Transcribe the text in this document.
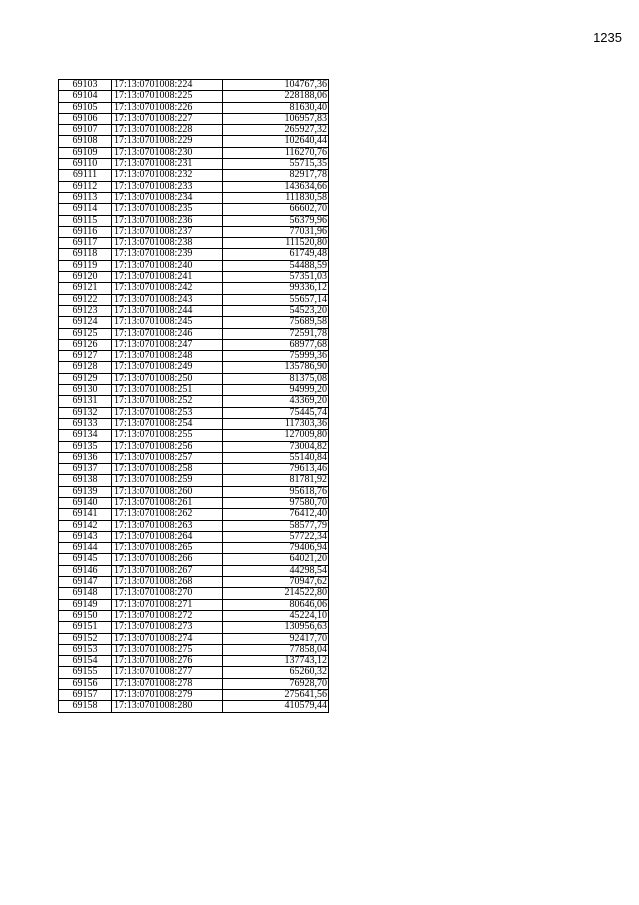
1235
69103	17:13:0701008:224	104767,36
69104	17:13:0701008:225	228188,06
69105	17:13:0701008:226	81630,40
69106	17:13:0701008:227	106957,83
69107	17:13:0701008:228	265927,32
69108	17:13:0701008:229	102640,44
69109	17:13:0701008:230	116270,76
69110	17:13:0701008:231	55715,35
69111	17:13:0701008:232	82917,78
69112	17:13:0701008:233	143634,66
69113	17:13:0701008:234	111830,58
69114	17:13:0701008:235	66602,70
69115	17:13:0701008:236	56379,96
69116	17:13:0701008:237	77031,96
69117	17:13:0701008:238	111520,80
69118	17:13:0701008:239	61749,48
69119	17:13:0701008:240	54488,59
69120	17:13:0701008:241	57351,03
69121	17:13:0701008:242	99336,12
69122	17:13:0701008:243	55657,14
69123	17:13:0701008:244	54523,20
69124	17:13:0701008:245	75689,58
69125	17:13:0701008:246	72591,78
69126	17:13:0701008:247	68977,68
69127	17:13:0701008:248	75999,36
69128	17:13:0701008:249	135786,90
69129	17:13:0701008:250	81375,08
69130	17:13:0701008:251	94999,20
69131	17:13:0701008:252	43369,20
69132	17:13:0701008:253	75445,74
69133	17:13:0701008:254	117303,36
69134	17:13:0701008:255	127009,80
69135	17:13:0701008:256	73004,82
69136	17:13:0701008:257	55140,84
69137	17:13:0701008:258	79613,46
69138	17:13:0701008:259	81781,92
69139	17:13:0701008:260	95618,76
69140	17:13:0701008:261	97580,70
69141	17:13:0701008:262	76412,40
69142	17:13:0701008:263	58577,79
69143	17:13:0701008:264	57722,34
69144	17:13:0701008:265	79406,94
69145	17:13:0701008:266	64021,20
69146	17:13:0701008:267	44298,54
69147	17:13:0701008:268	70947,62
69148	17:13:0701008:270	214522,80
69149	17:13:0701008:271	80646,06
69150	17:13:0701008:272	45224,10
69151	17:13:0701008:273	130956,63
69152	17:13:0701008:274	92417,70
69153	17:13:0701008:275	77858,04
69154	17:13:0701008:276	137743,12
69155	17:13:0701008:277	65260,32
69156	17:13:0701008:278	76928,70
69157	17:13:0701008:279	275641,56
69158	17:13:0701008:280	410579,44
